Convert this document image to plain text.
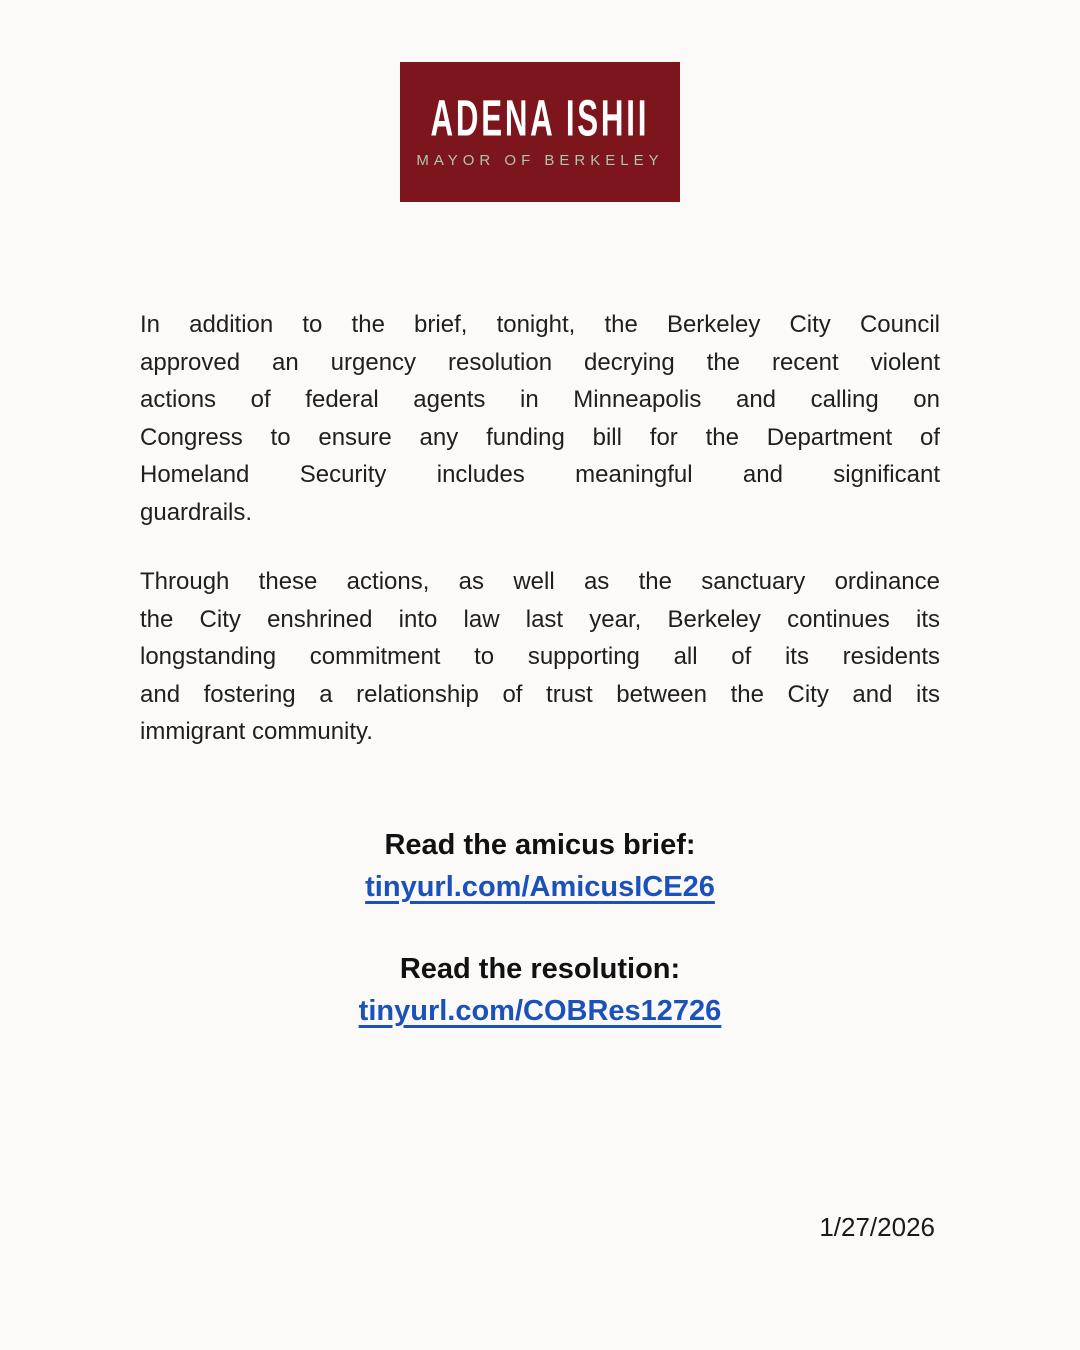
ADENA ISHII
MAYOR OF BERKELEY
In addition to the brief, tonight, the Berkeley City Council
approved an urgency resolution decrying the recent violent
actions of federal agents in Minneapolis and calling on
Congress to ensure any funding bill for the Department of
Homeland Security includes meaningful and significant
guardrails.
Through these actions, as well as the sanctuary ordinance
the City enshrined into law last year, Berkeley continues its
longstanding commitment to supporting all of its residents
and fostering a relationship of trust between the City and its
immigrant community.
Read the amicus brief:
tinyurl.com/AmicusICE26
Read the resolution:
tinyurl.com/COBRes12726
1/27/2026
